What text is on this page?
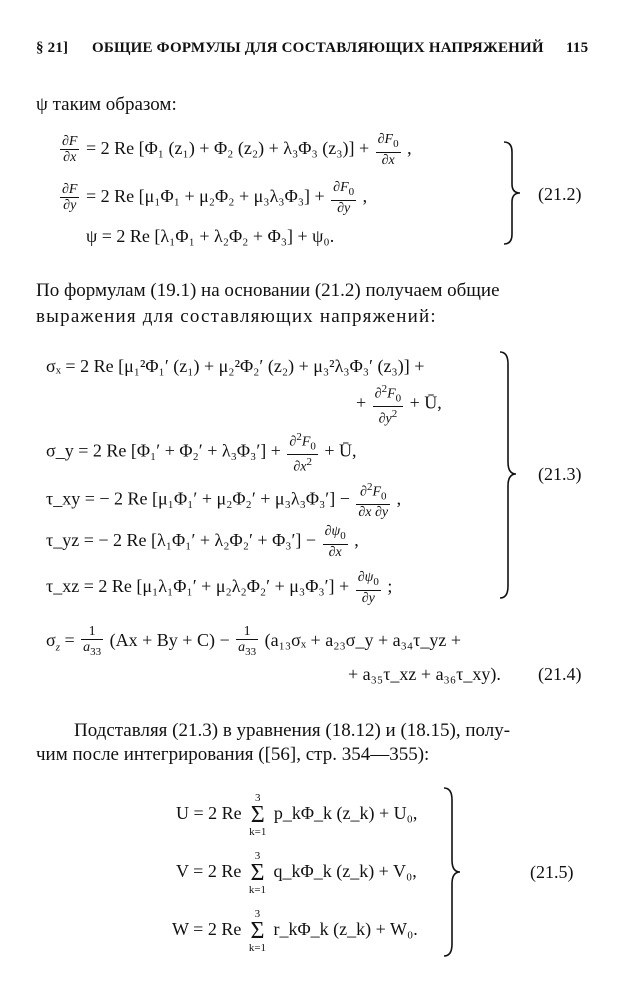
§ 21] ОБЩИЕ ФОРМУЛЫ ДЛЯ СОСТАВЛЯЮЩИХ НАПРЯЖЕНИЙ 115
ψ таким образом:
$\frac{\partial F}{\partial x} = 2$ Re [Φ₁ (z₁) + Φ₂ (z₂) + λ₃Φ₃ $(z_3)] + \frac{\partial F_0}{\partial x}$ ,
$\frac{\partial F}{\partial y} = 2$ Re $[\mu_1\Phi_1 + \mu_2\Phi_2 + \mu_3\lambda_3\Phi_3] + \frac{\partial F_0}{\partial y}$ ,
ψ = 2 Re [λ₁Φ₁ + λ₂Φ₂ + Φ₃] + ψ₀.
(21.2)
По формулам (19.1) на основании (21.2) получаем общие
выражения для составляющих напряжений:
σₓ = 2 Re [μ₁²Φ₁′ (z₁) + μ₂²Φ₂′ (z₂) + μ₃²λ₃Φ₃′ (z₃)] +
+ $\frac{\partial^2F_0}{\partial y^2}$ + Ū,
σ_y = 2 Re $[\Phi_1' + \Phi_2' + \lambda_3\Phi_3'] + \frac{\partial^2F_0}{\partial x^2}$ + Ū,
τ_xy = − 2 Re $[\mu_1\Phi_1' + \mu_2\Phi_2' + \mu_3\lambda_3\Phi_3'] - \frac{\partial^2F_0}{\partial x \partial y}$ ,
τ_yz = − 2 Re $[\lambda_1\Phi_1' + \lambda_2\Phi_2' + \Phi_3'] - \frac{\partial\psi_0}{\partial x}$ ,
τ_xz = 2 Re $[\mu_1\lambda_1\Phi_1' + \mu_2\lambda_2\Phi_2' + \mu_3\Phi_3'] + \frac{\partial\psi_0}{\partial y}$ ;
(21.3)
$\sigma_z = \frac{1}{a_{33}} (Ax + By + C) - \frac{1}{a_{33}} (a_{13}\sigma_x$ + a₂₃σ_y + a₃₄τ_yz +
+ a₃₅τ_xz + a₃₆τ_xy). (21.4)
Подставляя (21.3) в уравнения (18.12) и (18.15), полу-
чим после интегрирования ([56], стр. 354—355):
U = 2 Re
3
Σ
k=1
p_kΦ_k (z_k) + U₀,
V = 2 Re
3
Σ
k=1
q_kΦ_k (z_k) + V₀,
W = 2 Re
3
Σ
k=1
r_kΦ_k (z_k) + W₀.
(21.5)
